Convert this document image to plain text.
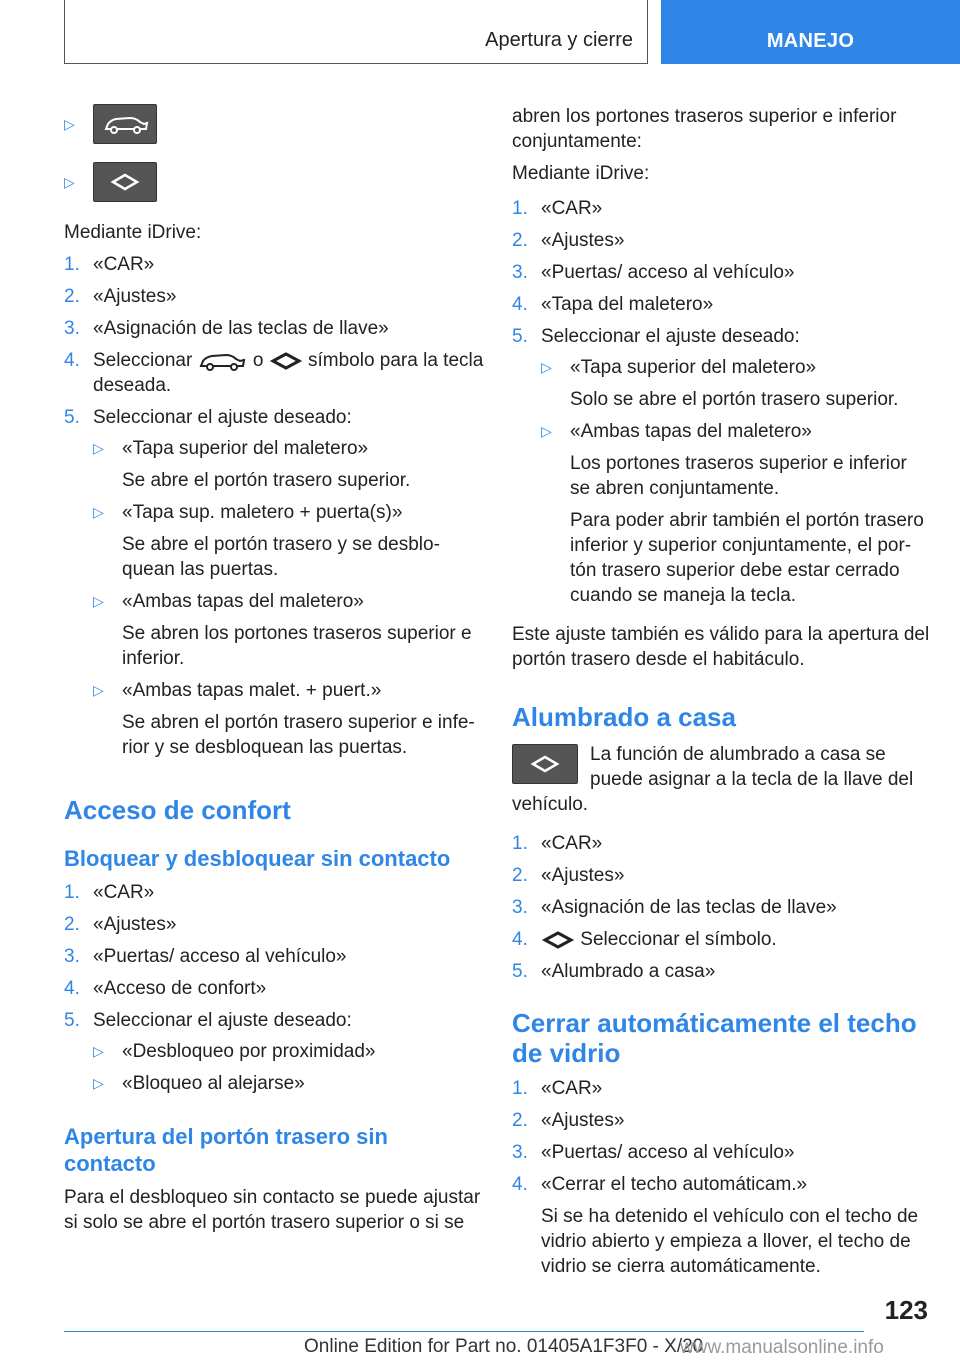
Apertura y cierre	MANEJO
▷
▷

Mediante iDrive:

1. «CAR»
2. «Ajustes»
3. «Asignación de las teclas de llave»
4. Seleccionar	o símbolo para la tecla deseada.
5. Seleccionar el ajuste deseado:
▷ «Tapa superior del maletero»
Se abre el portón trasero superior.
▷ «Tapa sup. maletero + puerta(s)»
Se abre el portón trasero y se desblo-quean las puertas.
▷ «Ambas tapas del maletero»
Se abren los portones traseros superior e inferior.
▷ «Ambas tapas malet. + puert.»
Se abren el portón trasero superior e infe-rior y se desbloquean las puertas.
Acceso de confort
Bloquear y desbloquear sin contacto
1. «CAR»
2. «Ajustes»
3. «Puertas/ acceso al vehículo»
4. «Acceso de confort»
5. Seleccionar el ajuste deseado:
▷ «Desbloqueo por proximidad»
▷ «Bloqueo al alejarse»
Apertura del portón trasero sin contacto

Para el desbloqueo sin contacto se puede ajustar si solo se abre el portón trasero superior o si se

abren los portones traseros superior e inferior conjuntamente:

Mediante iDrive:

1. «CAR»
2. «Ajustes»
3. «Puertas/ acceso al vehículo»
4. «Tapa del maletero»
5. Seleccionar el ajuste deseado:
▷ «Tapa superior del maletero»
Solo se abre el portón trasero superior.
▷ «Ambas tapas del maletero»
Los portones traseros superior e inferior se abren conjuntamente.
Para poder abrir también el portón trasero inferior y superior conjuntamente, el por-tón trasero superior debe estar cerrado cuando se maneja la tecla.

Este ajuste también es válido para la apertura del portón trasero desde el habitáculo.

Alumbrado a casa
La función de alumbrado a casa se puede asignar a la tecla de la llave del vehículo.
1. «CAR»
2. «Ajustes»
3. «Asignación de las teclas de llave»
4.	Seleccionar el símbolo.
5. «Alumbrado a casa»
Cerrar automáticamente el techo de vidrio
1. «CAR»
2. «Ajustes»
3. «Puertas/ acceso al vehículo»
4. «Cerrar el techo automáticam.»
Si se ha detenido el vehículo con el techo de vidrio abierto y empieza a llover, el techo de vidrio se cierra automáticamente.
123
Online Edition for Part no. 01405A1F3F0 - X/20
www.manualsonline.info
